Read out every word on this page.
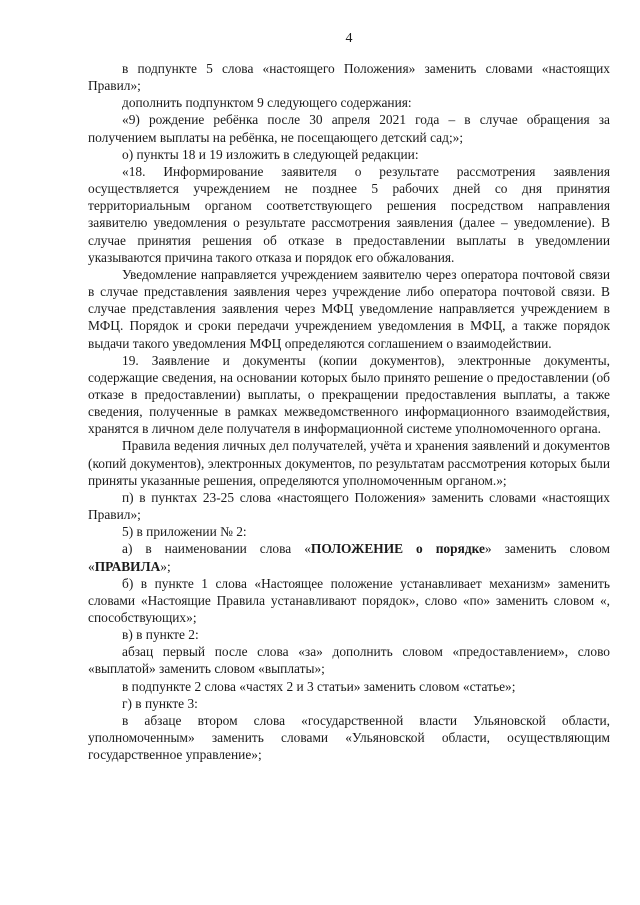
4

в подпункте 5 слова «настоящего Положения» заменить словами «настоящих Правил»;

дополнить подпунктом 9 следующего содержания:

«9) рождение ребёнка после 30 апреля 2021 года – в случае обращения за получением выплаты на ребёнка, не посещающего детский сад;»;

о) пункты 18 и 19 изложить в следующей редакции:

«18. Информирование заявителя о результате рассмотрения заявления осуществляется учреждением не позднее 5 рабочих дней со дня принятия территориальным органом соответствующего решения посредством направления заявителю уведомления о результате рассмотрения заявления (далее – уведомление). В случае принятия решения об отказе в предоставлении выплаты в уведомлении указываются причина такого отказа и порядок его обжалования.

Уведомление направляется учреждением заявителю через оператора почтовой связи в случае представления заявления через учреждение либо оператора почтовой связи. В случае представления заявления через МФЦ уведомление направляется учреждением в МФЦ. Порядок и сроки передачи учреждением уведомления в МФЦ, а также порядок выдачи такого уведомления МФЦ определяются соглашением о взаимодействии.

19. Заявление и документы (копии документов), электронные документы, содержащие сведения, на основании которых было принято решение о предоставлении (об отказе в предоставлении) выплаты, о прекращении предоставления выплаты, а также сведения, полученные в рамках межведомственного информационного взаимодействия, хранятся в личном деле получателя в информационной системе уполномоченного органа.

Правила ведения личных дел получателей, учёта и хранения заявлений и документов (копий документов), электронных документов, по результатам рассмотрения которых были приняты указанные решения, определяются уполномоченным органом.»;

п) в пунктах 23-25 слова «настоящего Положения» заменить словами «настоящих Правил»;

5) в приложении № 2:

а) в наименовании слова «ПОЛОЖЕНИЕ о порядке» заменить словом «ПРАВИЛА»;

б) в пункте 1 слова «Настоящее положение устанавливает механизм» заменить словами «Настоящие Правила устанавливают порядок», слово «по» заменить словом «, способствующих»;

в) в пункте 2:

абзац первый после слова «за» дополнить словом «предоставлением», слово «выплатой» заменить словом «выплаты»;

в подпункте 2 слова «частях 2 и 3 статьи» заменить словом «статье»;

г) в пункте 3:

в абзаце втором слова «государственной власти Ульяновской области, уполномоченным» заменить словами «Ульяновской области, осуществляющим государственное управление»;
